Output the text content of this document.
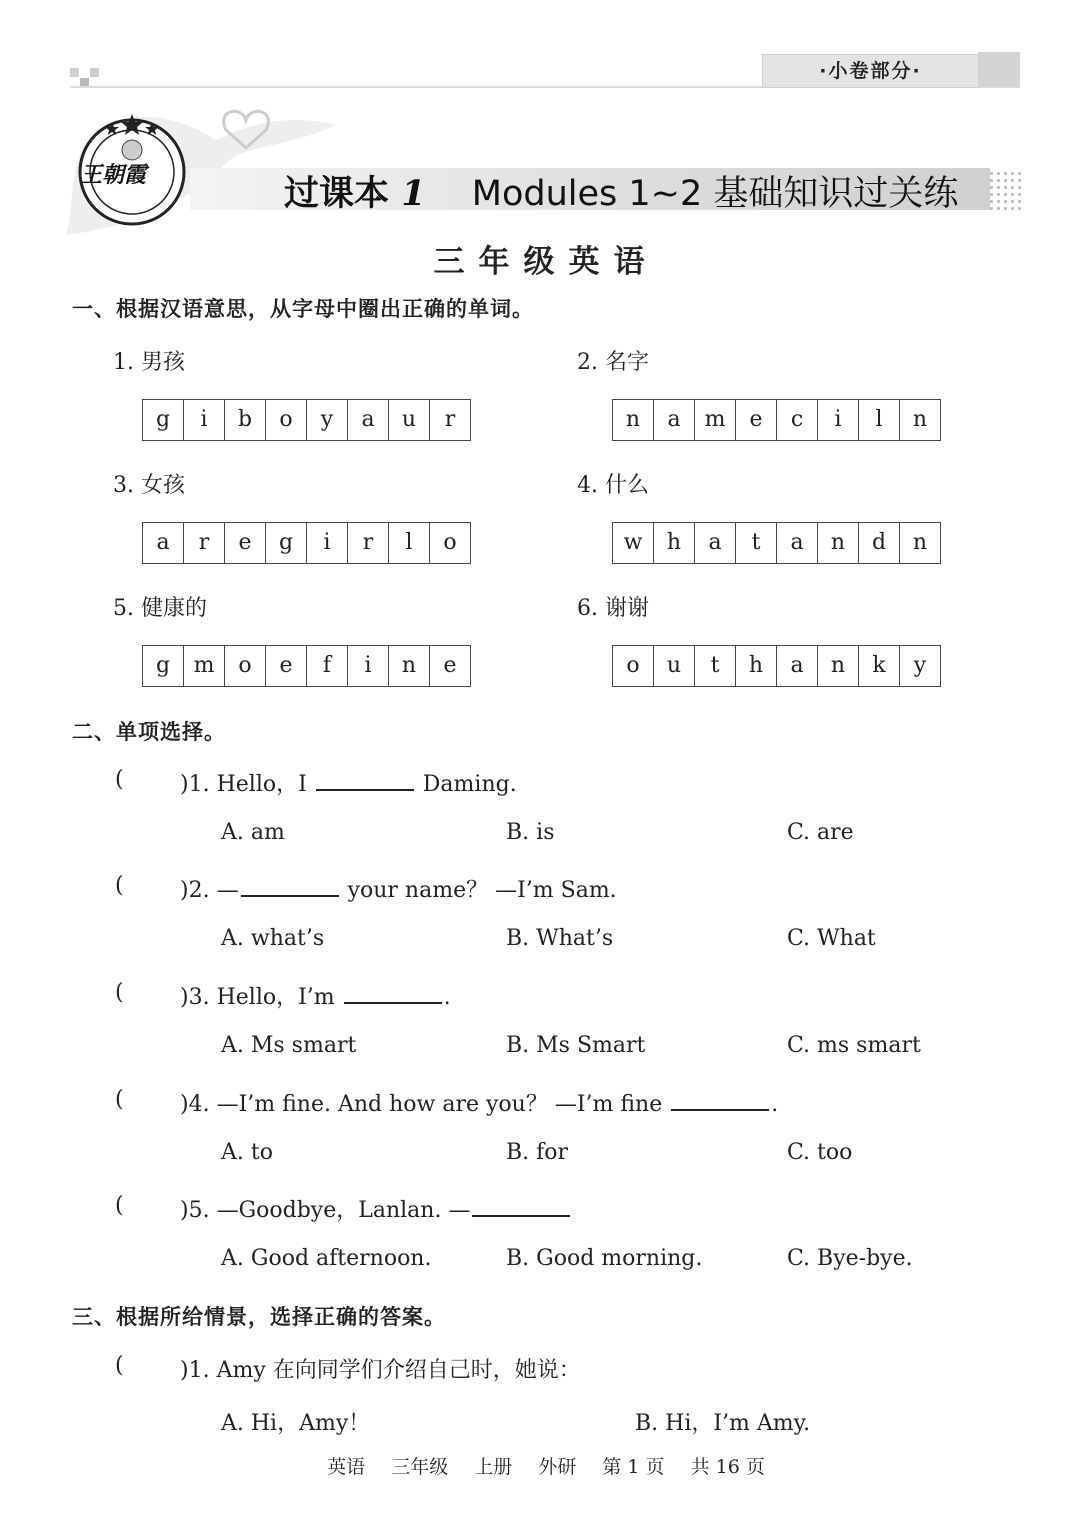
·小卷部分·
王朝霞	过课本 1 Modules 1~2 基础知识过关练
三年级英语
一、根据汉语意思，从字母中圈出正确的单词。
1. 男孩	2. 名字
g	i	b	o	y	a	u	r	n	a	m	e	c	i	l	n
3. 女孩	4. 什么
a	r	e	g	i	r	l	o	w	h	a	t	a	n	d	n
5. 健康的	6. 谢谢
g	m	o	e	f	i	n	e	o	u	t	h	a	n	k	y
二、单项选择。
(	)1. Hello，I	Daming.
A. am	B. is	C. are
(	)2. —	your name？ —I’m Sam.
A. what’s	B. What’s	C. What
(	)3. Hello，I’m	.
A. Ms smart	B. Ms Smart	C. ms smart
(	)4. —I’m fine. And how are you？ —I’m fine	.
A. to	B. for	C. too
(	)5. —Goodbye，Lanlan. —
A. Good afternoon.	B. Good morning.	C. Bye-bye.
三、根据所给情景，选择正确的答案。
(	)1. Amy 在向同学们介绍自己时，她说：
A. Hi，Amy！	B. Hi，I’m Amy.
英语 三年级 上册 外研 第 1 页 共 16 页
